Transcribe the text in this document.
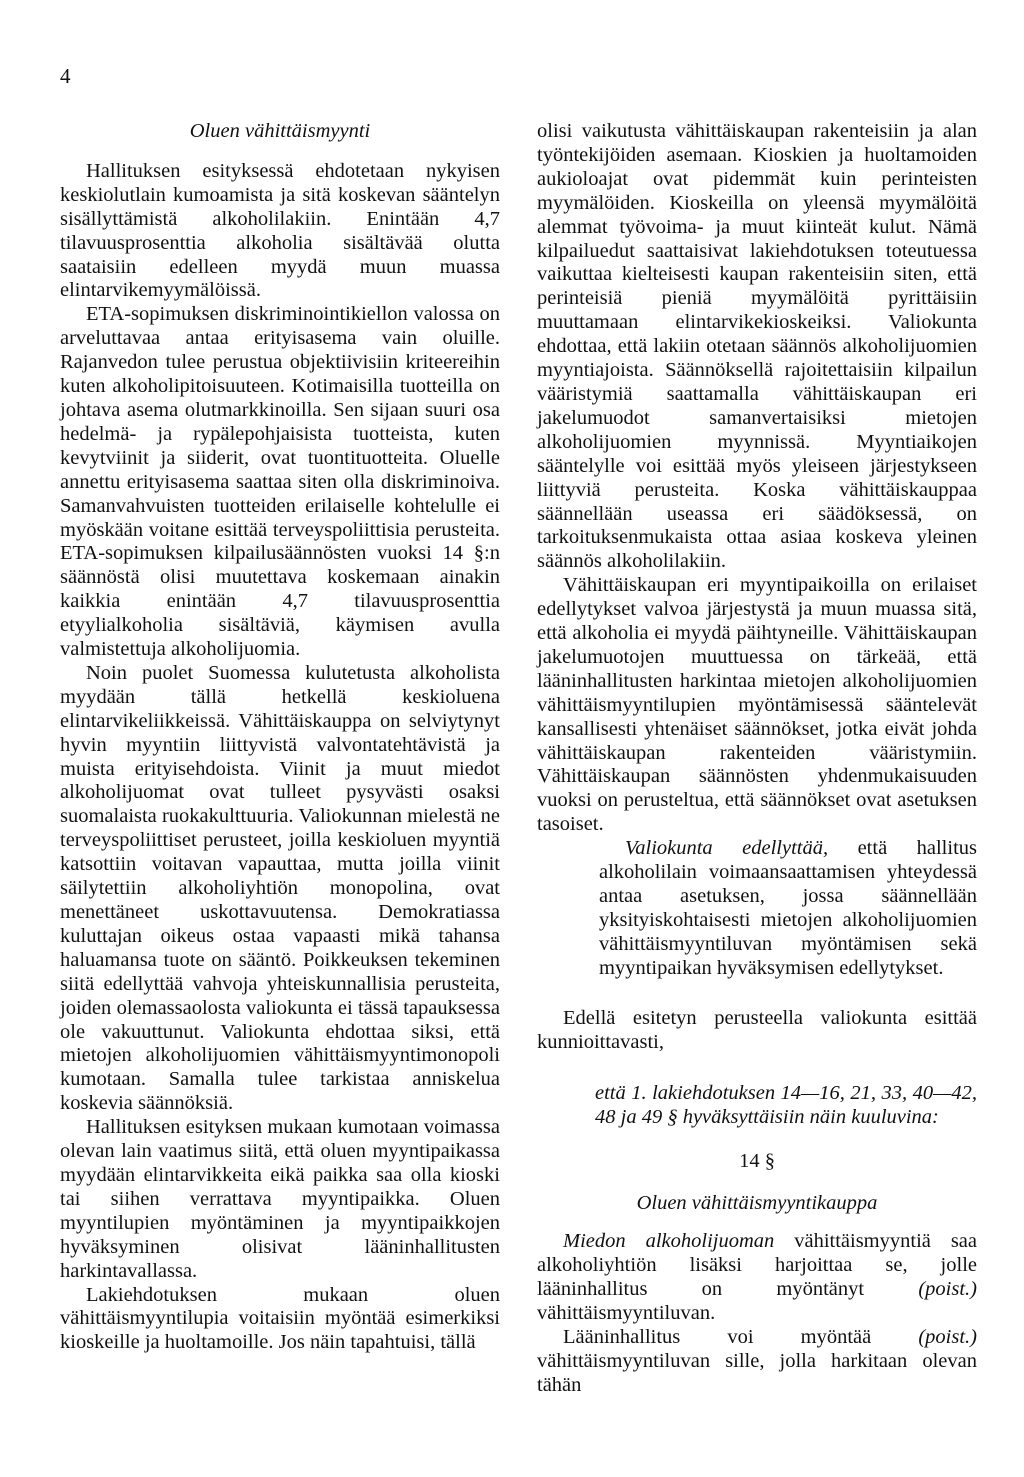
4
Oluen vähittäismyynti

Hallituksen esityksessä ehdotetaan nykyisen keskiolutlain kumoamista ja sitä koskevan sääntelyn sisällyttämistä alkoholilakiin. Enintään 4,7 tilavuusprosenttia alkoholia sisältävää olutta saataisiin edelleen myydä muun muassa elintarvikemyymälöissä.

ETA-sopimuksen diskriminointikiellon valossa on arveluttavaa antaa erityisasema vain oluille. Rajanvedon tulee perustua objektiivisiin kriteereihin kuten alkoholipitoisuuteen. Kotimaisilla tuotteilla on johtava asema olutmarkkinoilla. Sen sijaan suuri osa hedelmä- ja rypälepohjaisista tuotteista, kuten kevytviinit ja siiderit, ovat tuontituotteita. Oluelle annettu erityisasema saattaa siten olla diskriminoiva. Samanvahvuisten tuotteiden erilaiselle kohtelulle ei myöskään voitane esittää terveyspoliittisia perusteita. ETA-sopimuksen kilpailusäännösten vuoksi 14 §:n säännöstä olisi muutettava koskemaan ainakin kaikkia enintään 4,7 tilavuusprosenttia etyylialkoholia sisältäviä, käymisen avulla valmistettuja alkoholijuomia.

Noin puolet Suomessa kulutetusta alkoholista myydään tällä hetkellä keskioluena elintarvikeliikkeissä. Vähittäiskauppa on selviytynyt hyvin myyntiin liittyvistä valvontatehtävistä ja muista erityisehdoista. Viinit ja muut miedot alkoholijuomat ovat tulleet pysyvästi osaksi suomalaista ruokakulttuuria. Valiokunnan mielestä ne terveyspoliittiset perusteet, joilla keskioluen myyntiä katsottiin voitavan vapauttaa, mutta joilla viinit säilytettiin alkoholiyhtiön monopolina, ovat menettäneet uskottavuutensa. Demokratiassa kuluttajan oikeus ostaa vapaasti mikä tahansa haluamansa tuote on sääntö. Poikkeuksen tekeminen siitä edellyttää vahvoja yhteiskunnallisia perusteita, joiden olemassaolosta valiokunta ei tässä tapauksessa ole vakuuttunut. Valiokunta ehdottaa siksi, että mietojen alkoholijuomien vähittäismyyntimonopoli kumotaan. Samalla tulee tarkistaa anniskelua koskevia säännöksiä.

Hallituksen esityksen mukaan kumotaan voimassa olevan lain vaatimus siitä, että oluen myyntipaikassa myydään elintarvikkeita eikä paikka saa olla kioski tai siihen verrattava myyntipaikka. Oluen myyntilupien myöntäminen ja myyntipaikkojen hyväksyminen olisivat lääninhallitusten harkintavallassa.

Lakiehdotuksen mukaan oluen vähittäismyyntilupia voitaisiin myöntää esimerkiksi kioskeille ja huoltamoille. Jos näin tapahtuisi, tällä

olisi vaikutusta vähittäiskaupan rakenteisiin ja alan työntekijöiden asemaan. Kioskien ja huoltamoiden aukioloajat ovat pidemmät kuin perinteisten myymälöiden. Kioskeilla on yleensä myymälöitä alemmat työvoima- ja muut kiinteät kulut. Nämä kilpailuedut saattaisivat lakiehdotuksen toteutuessa vaikuttaa kielteisesti kaupan rakenteisiin siten, että perinteisiä pieniä myymälöitä pyrittäisiin muuttamaan elintarvikekioskeiksi. Valiokunta ehdottaa, että lakiin otetaan säännös alkoholijuomien myyntiajoista. Säännöksellä rajoitettaisiin kilpailun vääristymiä saattamalla vähittäiskaupan eri jakelumuodot samanvertaisiksi mietojen alkoholijuomien myynnissä. Myyntiaikojen sääntelylle voi esittää myös yleiseen järjestykseen liittyviä perusteita. Koska vähittäiskauppaa säännellään useassa eri säädöksessä, on tarkoituksenmukaista ottaa asiaa koskeva yleinen säännös alkoholilakiin.

Vähittäiskaupan eri myyntipaikoilla on erilaiset edellytykset valvoa järjestystä ja muun muassa sitä, että alkoholia ei myydä päihtyneille. Vähittäiskaupan jakelumuotojen muuttuessa on tärkeää, että lääninhallitusten harkintaa mietojen alkoholijuomien vähittäismyyntilupien myöntämisessä sääntelevät kansallisesti yhtenäiset säännökset, jotka eivät johda vähittäiskaupan rakenteiden vääristymiin. Vähittäiskaupan säännösten yhdenmukaisuuden vuoksi on perusteltua, että säännökset ovat asetuksen tasoiset.

Valiokunta edellyttää, että hallitus alkoholilain voimaansaattamisen yhteydessä antaa asetuksen, jossa säännellään yksityiskohtaisesti mietojen alkoholijuomien vähittäismyyntiluvan myöntämisen sekä myyntipaikan hyväksymisen edellytykset.

Edellä esitetyn perusteella valiokunta esittää kunnioittavasti,

että 1. lakiehdotuksen 14—16, 21, 33, 40—42, 48 ja 49 § hyväksyttäisiin näin kuuluvina:

14 §

Oluen vähittäismyyntikauppa

Miedon alkoholijuoman vähittäismyyntiä saa alkoholiyhtiön lisäksi harjoittaa se, jolle lääninhallitus on myöntänyt (poist.) vähittäismyyntiluvan.

Lääninhallitus voi myöntää (poist.) vähittäismyyntiluvan sille, jolla harkitaan olevan tähän
